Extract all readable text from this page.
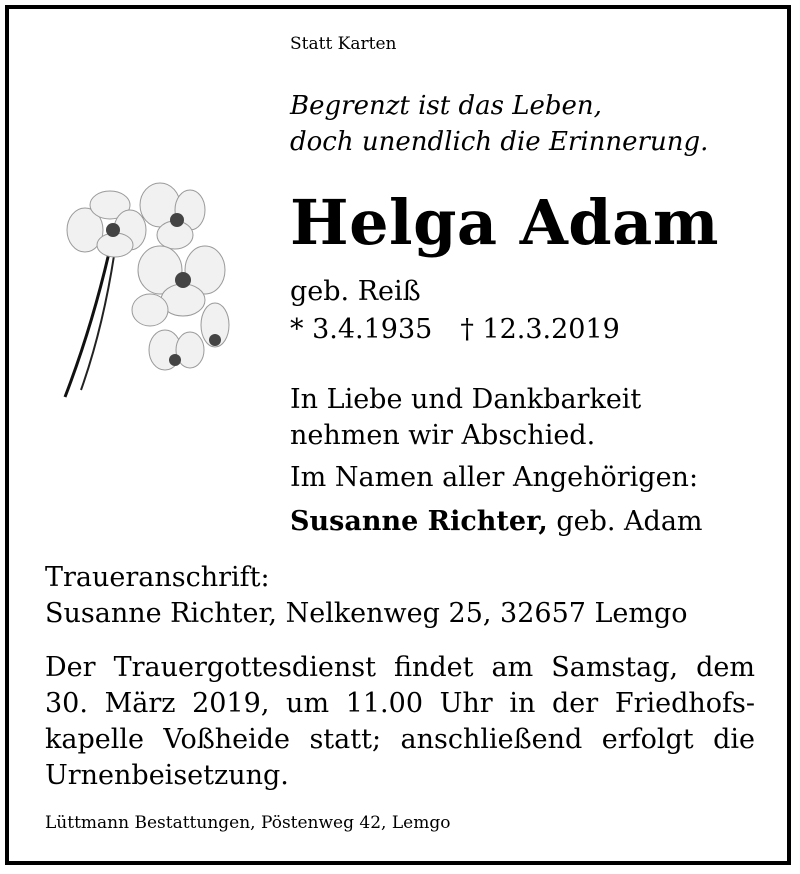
Statt Karten
Begrenzt ist das Leben,
doch unendlich die Erinnerung.
Helga Adam
geb. Reiß
* 3.4.1935 † 12.3.2019
In Liebe und Dankbarkeit
nehmen wir Abschied.
Im Namen aller Angehörigen:
Susanne Richter, geb. Adam
Traueranschrift:
Susanne Richter, Nelkenweg 25, 32657 Lemgo
Der Trauergottesdienst findet am Samstag, dem 30. März 2019, um 11.00 Uhr in der Friedhofskapelle Voßheide statt; anschließend erfolgt die Urnenbeisetzung.
Lüttmann Bestattungen, Pöstenweg 42, Lemgo
